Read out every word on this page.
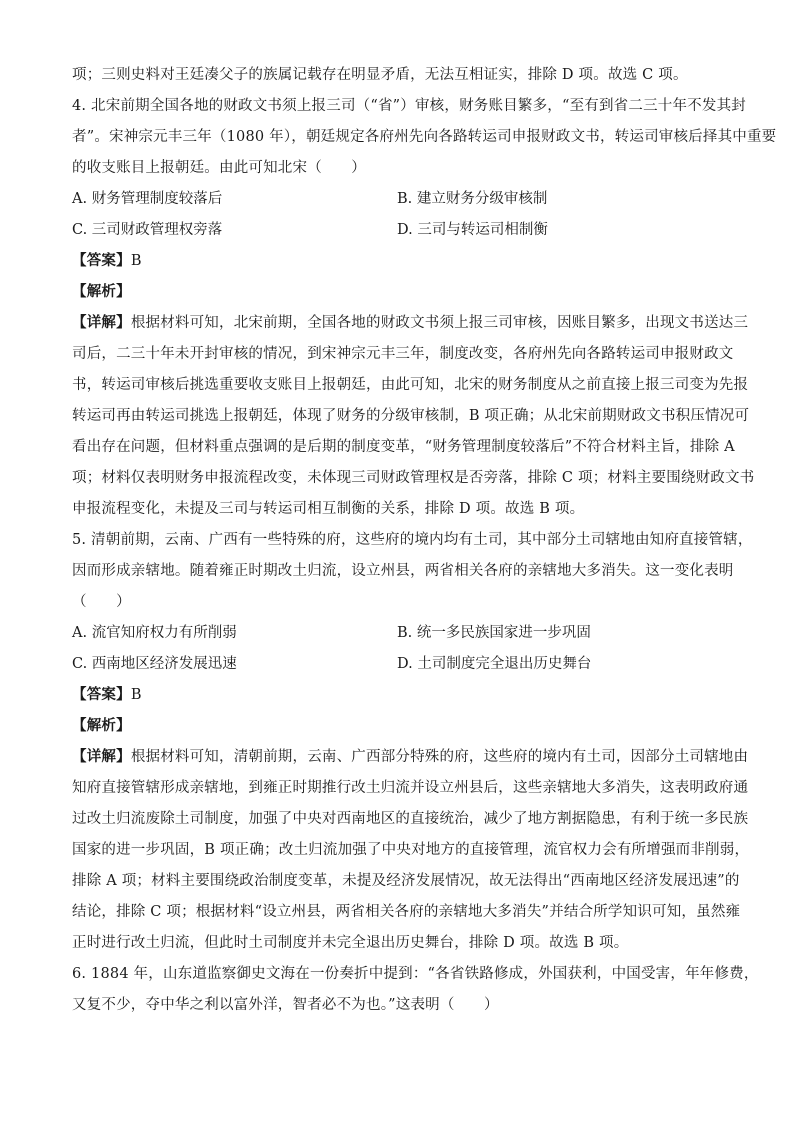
项；三则史料对王廷凑父子的族属记载存在明显矛盾，无法互相证实，排除 D 项。故选 C 项。
4. 北宋前期全国各地的财政文书须上报三司（“省”）审核，财务账目繁多，“至有到省二三十年不发其封
者”。宋神宗元丰三年（1080 年），朝廷规定各府州先向各路转运司申报财政文书，转运司审核后择其中重要
的收支账目上报朝廷。由此可知北宋（　　）
A. 财务管理制度较落后	B. 建立财务分级审核制
C. 三司财政管理权旁落	D. 三司与转运司相制衡
【答案】B
【解析】
【详解】根据材料可知，北宋前期，全国各地的财政文书须上报三司审核，因账目繁多，出现文书送达三
司后，二三十年未开封审核的情况，到宋神宗元丰三年，制度改变，各府州先向各路转运司申报财政文
书，转运司审核后挑选重要收支账目上报朝廷，由此可知，北宋的财务制度从之前直接上报三司变为先报
转运司再由转运司挑选上报朝廷，体现了财务的分级审核制，B 项正确；从北宋前期财政文书积压情况可
看出存在问题，但材料重点强调的是后期的制度变革，“财务管理制度较落后”不符合材料主旨，排除 A
项；材料仅表明财务申报流程改变，未体现三司财政管理权是否旁落，排除 C 项；材料主要围绕财政文书
申报流程变化，未提及三司与转运司相互制衡的关系，排除 D 项。故选 B 项。
5. 清朝前期，云南、广西有一些特殊的府，这些府的境内均有土司，其中部分土司辖地由知府直接管辖，
因而形成亲辖地。随着雍正时期改土归流，设立州县，两省相关各府的亲辖地大多消失。这一变化表明
（　　）
A. 流官知府权力有所削弱	B. 统一多民族国家进一步巩固
C. 西南地区经济发展迅速	D. 土司制度完全退出历史舞台
【答案】B
【解析】
【详解】根据材料可知，清朝前期，云南、广西部分特殊的府，这些府的境内有土司，因部分土司辖地由
知府直接管辖形成亲辖地，到雍正时期推行改土归流并设立州县后，这些亲辖地大多消失，这表明政府通
过改土归流废除土司制度，加强了中央对西南地区的直接统治，减少了地方割据隐患，有利于统一多民族
国家的进一步巩固，B 项正确；改土归流加强了中央对地方的直接管理，流官权力会有所增强而非削弱，
排除 A 项；材料主要围绕政治制度变革，未提及经济发展情况，故无法得出“西南地区经济发展迅速”的
结论，排除 C 项；根据材料“设立州县，两省相关各府的亲辖地大多消失”并结合所学知识可知，虽然雍
正时进行改土归流，但此时土司制度并未完全退出历史舞台，排除 D 项。故选 B 项。
6. 1884 年，山东道监察御史文海在一份奏折中提到：“各省铁路修成，外国获利，中国受害，年年修费，
又复不少，夺中华之利以富外洋，智者必不为也。”这表明（　　）
